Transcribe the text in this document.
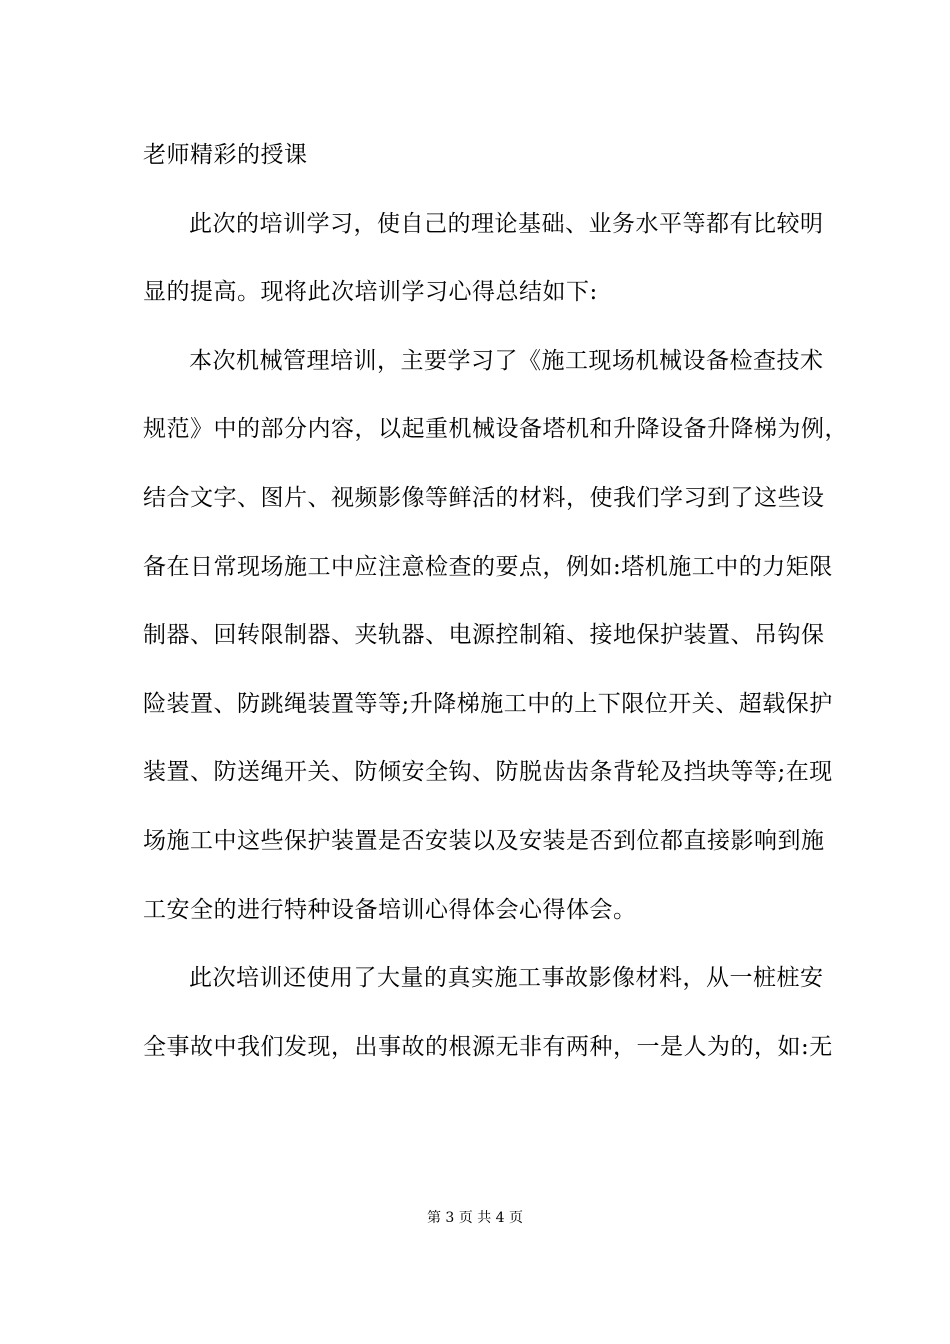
老师精彩的授课
此次的培训学习，使自己的理论基础、业务水平等都有比较明
显的提高。现将此次培训学习心得总结如下:
本次机械管理培训，主要学习了《施工现场机械设备检查技术
规范》中的部分内容，以起重机械设备塔机和升降设备升降梯为例，
结合文字、图片、视频影像等鲜活的材料，使我们学习到了这些设
备在日常现场施工中应注意检查的要点，例如:塔机施工中的力矩限
制器、回转限制器、夹轨器、电源控制箱、接地保护装置、吊钩保
险装置、防跳绳装置等等;升降梯施工中的上下限位开关、超载保护
装置、防送绳开关、防倾安全钩、防脱齿齿条背轮及挡块等等;在现
场施工中这些保护装置是否安装以及安装是否到位都直接影响到施
工安全的进行特种设备培训心得体会心得体会。
此次培训还使用了大量的真实施工事故影像材料，从一桩桩安
全事故中我们发现，出事故的根源无非有两种，一是人为的，如:无
第 3 页 共 4 页
